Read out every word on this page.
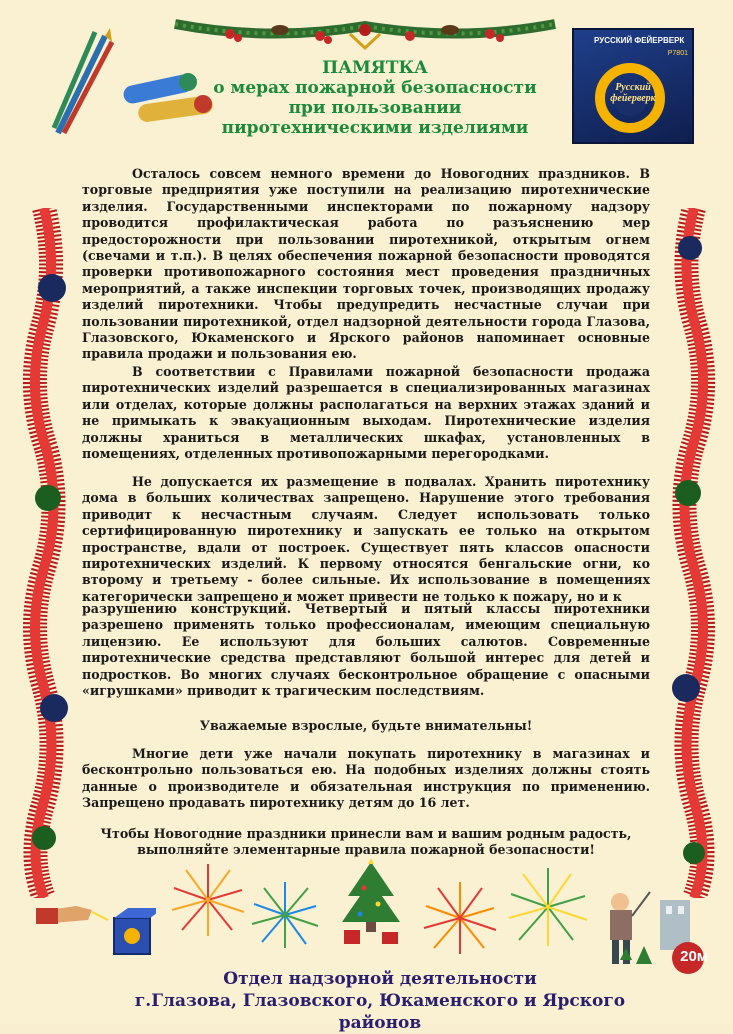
РУССКИЙ ФЕЙЕРВЕРК
Р7801
Русский фейерверк
ПАМЯТКА
о мерах пожарной безопасности
при пользовании
пиротехническими изделиями

Осталось совсем немного времени до Новогодних праздников. В торговые предприятия уже поступили на реализацию пиротехнические изделия. Государственными инспекторами по пожарному надзору проводится профилактическая работа по разъяснению мер предосторожности при пользовании пиротехникой, открытым огнем (свечами и т.п.). В целях обеспечения пожарной безопасности проводятся проверки противопожарного состояния мест проведения праздничных мероприятий, а также инспекции торговых точек, производящих продажу изделий пиротехники. Чтобы предупредить несчастные случаи при пользовании пиротехникой, отдел надзорной деятельности города Глазова, Глазовского, Юкаменского и Ярского районов напоминает основные правила продажи и пользования ею.

В соответствии с Правилами пожарной безопасности продажа пиротехнических изделий разрешается в специализированных магазинах или отделах, которые должны располагаться на верхних этажах зданий и не примыкать к эвакуационным выходам. Пиротехнические изделия должны храниться в металлических шкафах, установленных в помещениях, отделенных противопожарными перегородками.

Не допускается их размещение в подвалах. Хранить пиротехнику дома в больших количествах запрещено. Нарушение этого требования приводит к несчастным случаям. Следует использовать только сертифицированную пиротехнику и запускать ее только на открытом пространстве, вдали от построек. Существует пять классов опасности пиротехнических изделий. К первому относятся бенгальские огни, ко второму и третьему - более сильные. Их использование в помещениях категорически запрещено и может привести не только к пожару, но и к

разрушению конструкций. Четвертый и пятый классы пиротехники разрешено применять только профессионалам, имеющим специальную лицензию. Ее используют для больших салютов. Современные пиротехнические средства представляют большой интерес для детей и подростков. Во многих случаях бесконтрольное обращение с опасными «игрушками» приводит к трагическим последствиям.

Уважаемые взрослые, будьте внимательны!

Многие дети уже начали покупать пиротехнику в магазинах и бесконтрольно пользоваться ею. На подобных изделиях должны стоять данные о производителе и обязательная инструкция по применению. Запрещено продавать пиротехнику детям до 16 лет.

Чтобы Новогодние праздники принесли вам и вашим родным радость,
выполняйте элементарные правила пожарной безопасности!
20м
Отдел надзорной деятельности
г.Глазова, Глазовского, Юкаменского и Ярского районов
